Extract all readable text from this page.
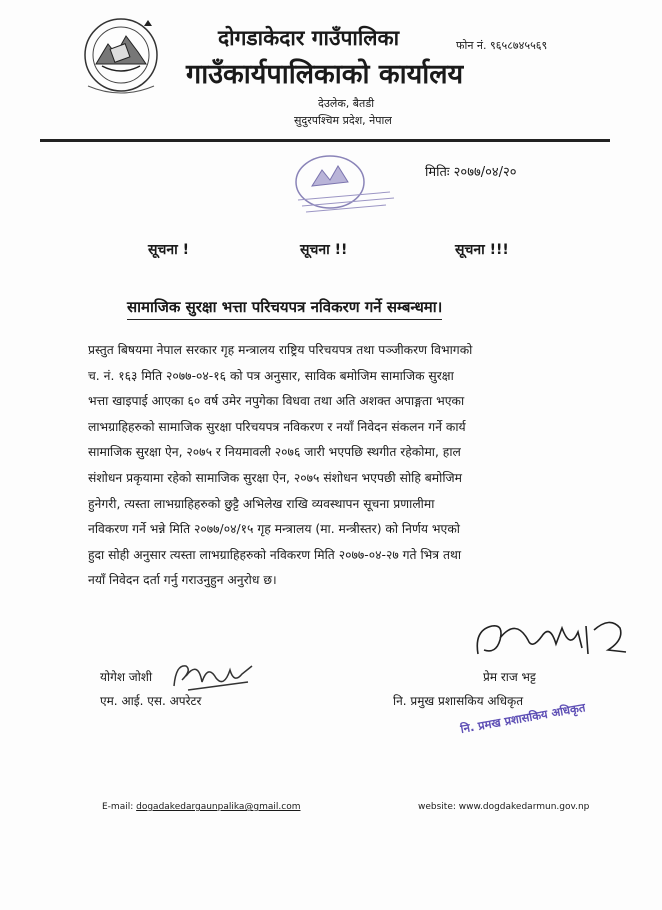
दोगडाकेदार गाउँपालिका
गाउँकार्यपालिकाको कार्यालय
फोन नं. ९६५८७४५५६९
देउलेक, बैतडी
सुदुरपश्चिम प्रदेश, नेपाल
मितिः २०७७/०४/२०
सूचना !	सूचना !!	सूचना !!!
सामाजिक सुरक्षा भत्ता परिचयपत्र नविकरण गर्ने सम्बन्धमा।

प्रस्तुत बिषयमा नेपाल सरकार गृह मन्त्रालय राष्ट्रिय परिचयपत्र तथा पञ्जीकरण विभागको

च. नं. १६३ मिति २०७७-०४-१६ को पत्र अनुसार, साविक बमोजिम सामाजिक सुरक्षा

भत्ता खाइपाई आएका ६० वर्ष उमेर नपुगेका विधवा तथा अति अशक्त अपाङ्गता भएका

लाभग्राहिहरुको सामाजिक सुरक्षा परिचयपत्र नविकरण र नयाँ निवेदन संकलन गर्ने कार्य

सामाजिक सुरक्षा ऐन, २०७५ र नियमावली २०७६ जारी भएपछि स्थगीत रहेकोमा, हाल

संशोधन प्रकृयामा रहेको सामाजिक सुरक्षा ऐन, २०७५ संशोधन भएपछी सोहि बमोजिम

हुनेगरी, त्यस्ता लाभग्राहिहरुको छुट्टै अभिलेख राखि व्यवस्थापन सूचना प्रणालीमा

नविकरण गर्ने भन्ने मिति २०७७/०४/१५ गृह मन्त्रालय (मा. मन्त्रीस्तर) को निर्णय भएको

हुदा सोही अनुसार त्यस्ता लाभग्राहिहरुको नविकरण मिति २०७७-०४-२७ गते भित्र तथा

नयाँ निवेदन दर्ता गर्नु गराउनुहुन अनुरोध छ।

योगेश जोशी
एम. आई. एस. अपरेटर
प्रेम राज भट्ट
नि. प्रमुख प्रशासकिय अधिकृत
नि. प्रमख प्रशासकिय अधिकृत
E-mail: dogadakedargaunpalika@gmail.com	website: www.dogdakedarmun.gov.np
